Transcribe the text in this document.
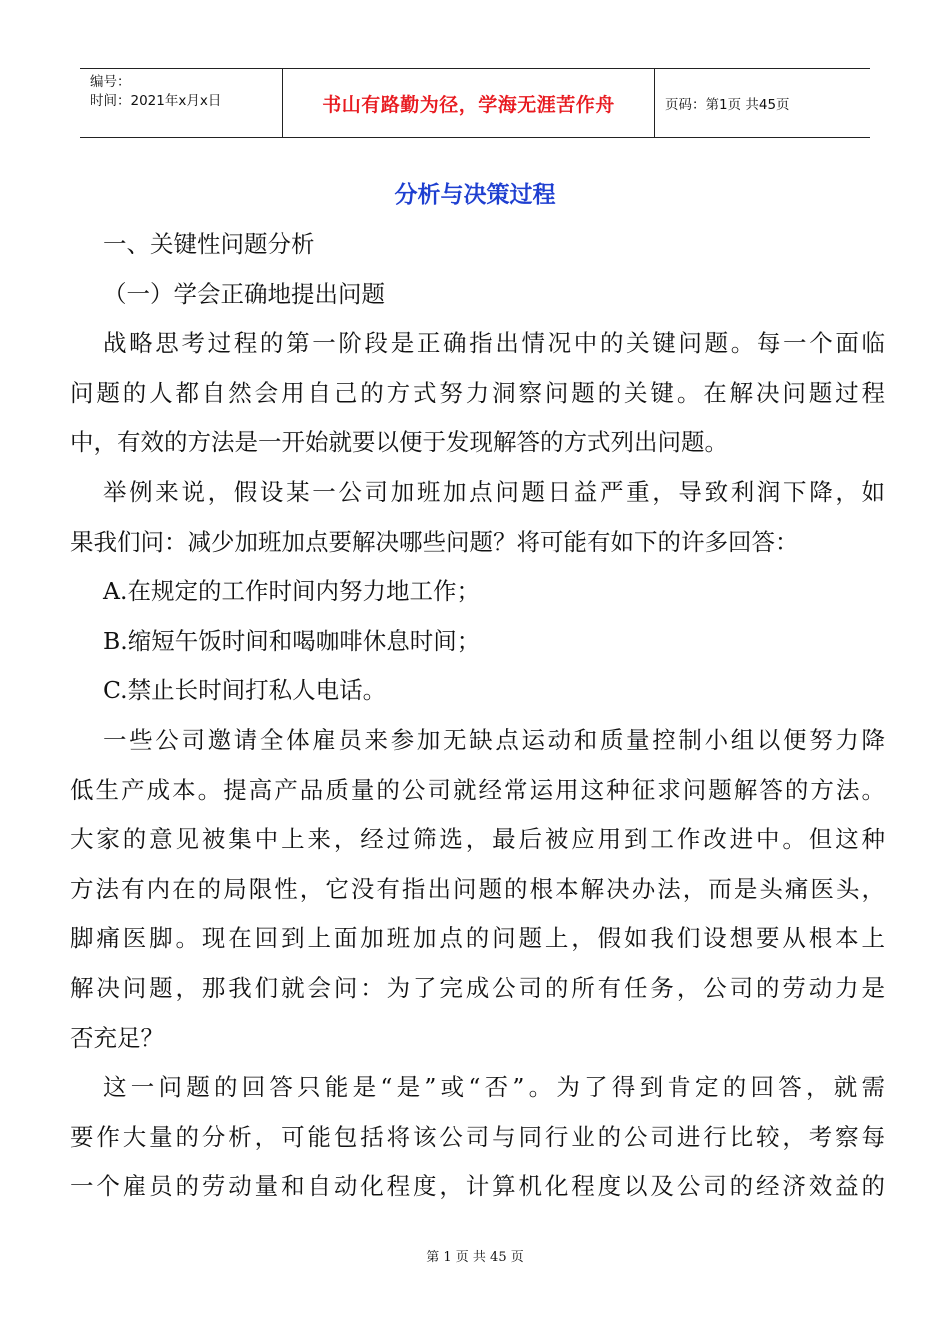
编号：
时间：2021年x月x日	书山有路勤为径，学海无涯苦作舟	页码：第1页 共45页
分析与决策过程
一、关键性问题分析
（一）学会正确地提出问题
战略思考过程的第一阶段是正确指出情况中的关键问题。每一个面临
问题的人都自然会用自己的方式努力洞察问题的关键。在解决问题过程
中，有效的方法是一开始就要以便于发现解答的方式列出问题。
举例来说，假设某一公司加班加点问题日益严重，导致利润下降，如
果我们问：减少加班加点要解决哪些问题？将可能有如下的许多回答：
A.在规定的工作时间内努力地工作；
B.缩短午饭时间和喝咖啡休息时间；
C.禁止长时间打私人电话。
一些公司邀请全体雇员来参加无缺点运动和质量控制小组以便努力降
低生产成本。提高产品质量的公司就经常运用这种征求问题解答的方法。
大家的意见被集中上来，经过筛选，最后被应用到工作改进中。但这种
方法有内在的局限性，它没有指出问题的根本解决办法，而是头痛医头，
脚痛医脚。现在回到上面加班加点的问题上，假如我们设想要从根本上
解决问题，那我们就会问：为了完成公司的所有任务，公司的劳动力是
否充足？
这一问题的回答只能是“是”或“否”。为了得到肯定的回答，就需
要作大量的分析，可能包括将该公司与同行业的公司进行比较，考察每
一个雇员的劳动量和自动化程度，计算机化程度以及公司的经济效益的
第 1 页 共 45 页
